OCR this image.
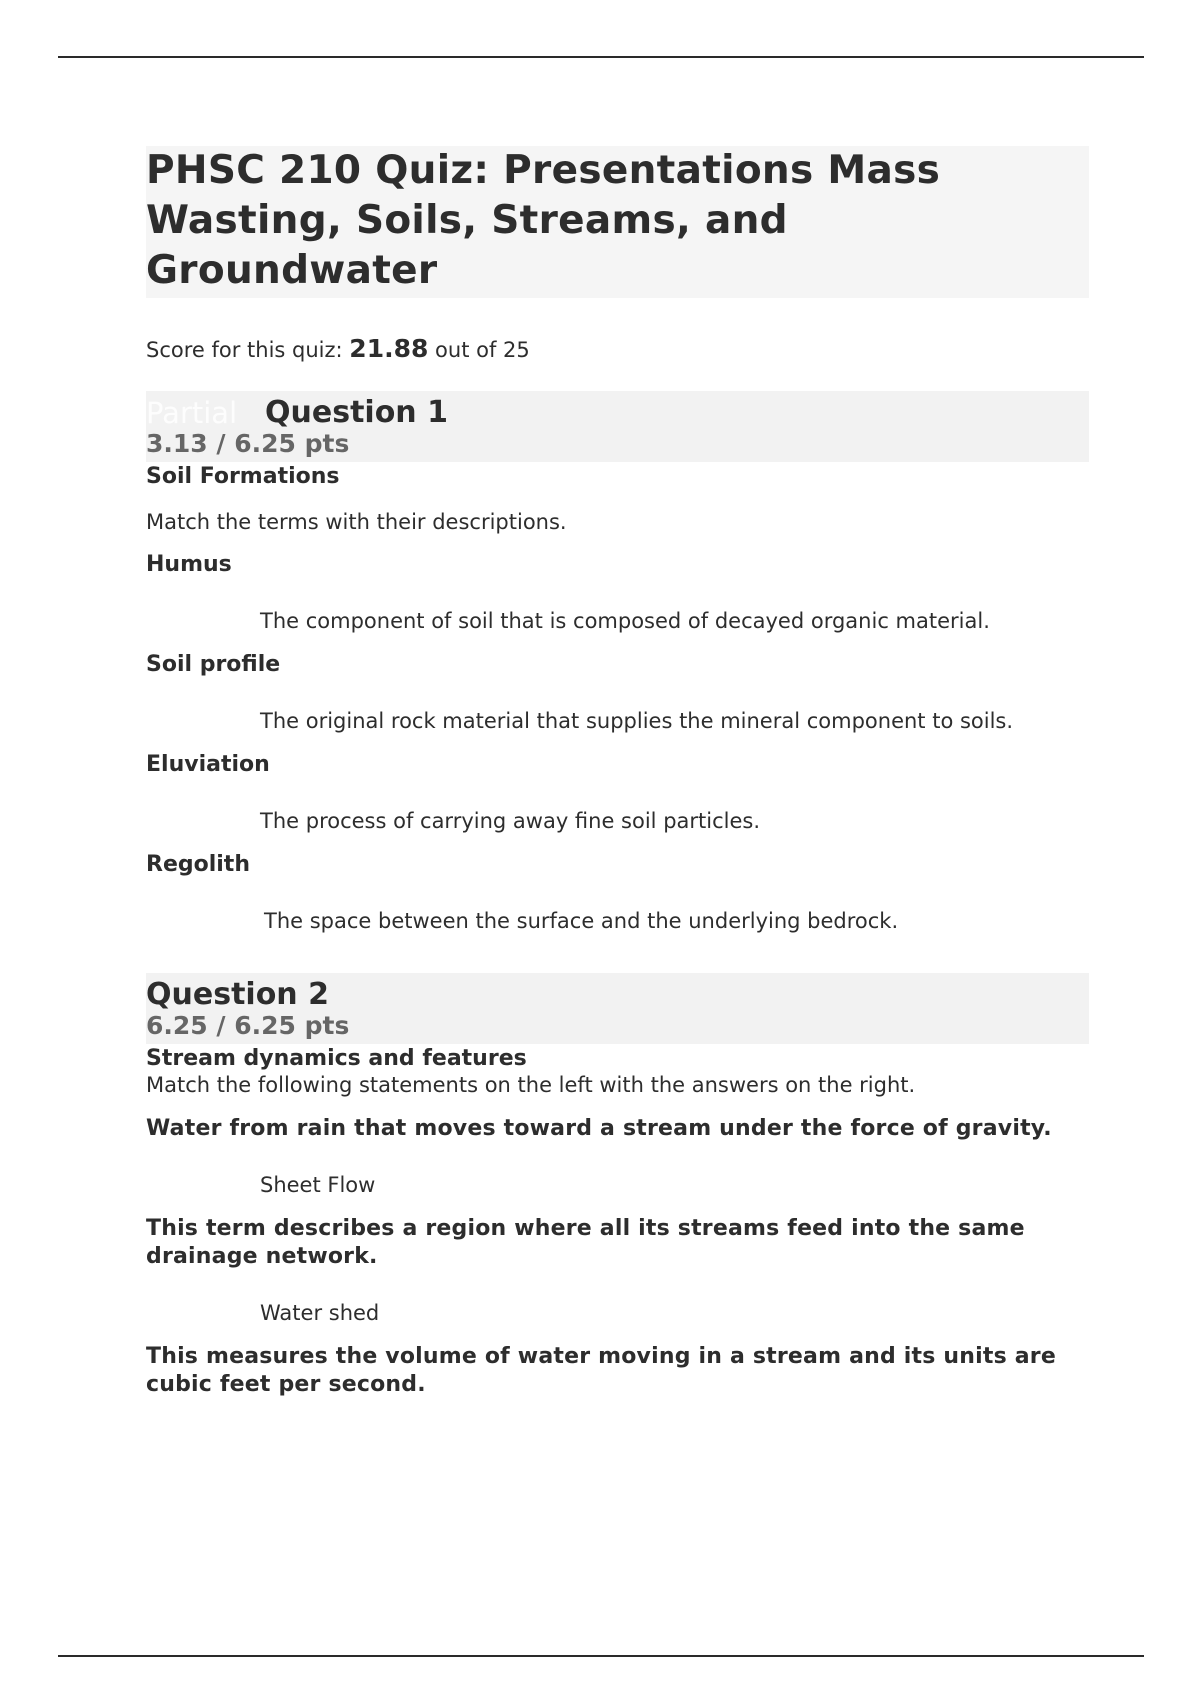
PHSC 210 Quiz: Presentations Mass Wasting, Soils, Streams, and Groundwater
Score for this quiz: 21.88 out of 25
Partial Question 1
3.13 / 6.25 pts
Soil Formations
Match the terms with their descriptions.
Humus
The component of soil that is composed of decayed organic material.
Soil profile
The original rock material that supplies the mineral component to soils.
Eluviation
The process of carrying away fine soil particles.
Regolith
The space between the surface and the underlying bedrock.
Question 2
6.25 / 6.25 pts
Stream dynamics and features
Match the following statements on the left with the answers on the right.
Water from rain that moves toward a stream under the force of gravity.
Sheet Flow
This term describes a region where all its streams feed into the same drainage network.
Water shed
This measures the volume of water moving in a stream and its units are cubic feet per second.
